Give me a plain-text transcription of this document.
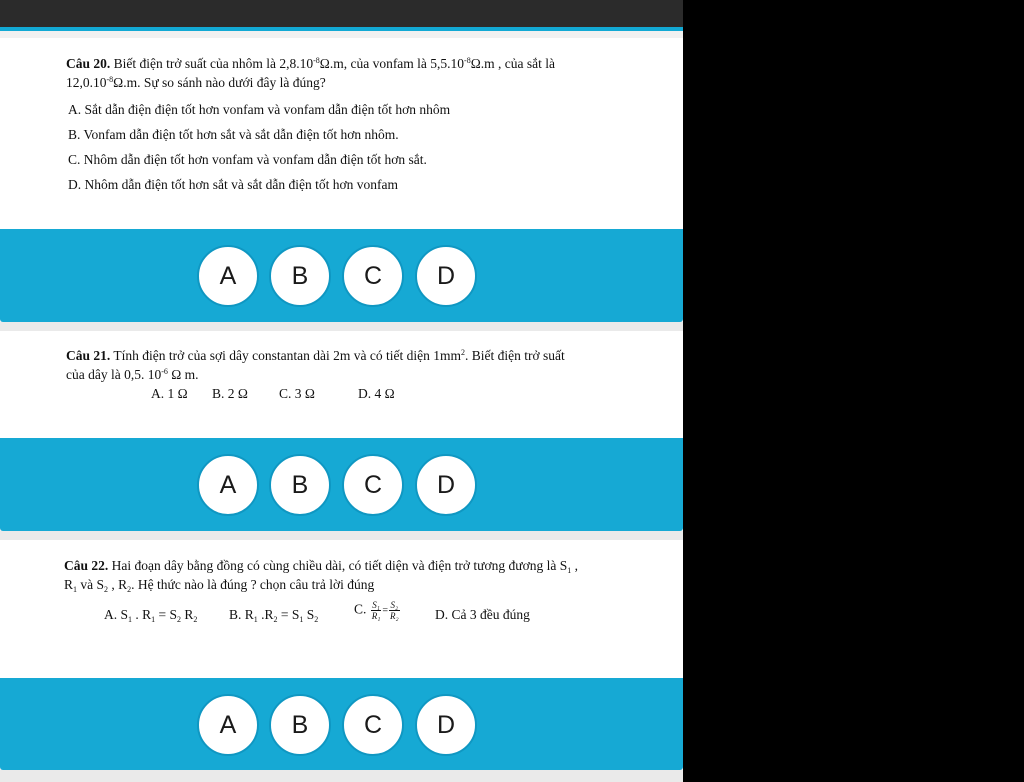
Câu 20. Biết điện trở suất của nhôm là $2,8.10^{-8}\Omega.m$, của vonfam là $5,5.10^{-8}\Omega.m$ , của sắt là
$12,0.10^{-8}\Omega.m$. Sự so sánh nào dưới đây là đúng?
A. Sắt dẫn điện điện tốt hơn vonfam và vonfam dẫn điện tốt hơn nhôm
B. Vonfam dẫn điện tốt hơn sắt và sắt dẫn điện tốt hơn nhôm.
C. Nhôm dẫn điện tốt hơn vonfam và vonfam dẫn điện tốt hơn sắt.
D. Nhôm dẫn điện tốt hơn sắt và sắt dẫn điện tốt hơn vonfam
A	B	C	D
Câu 21. Tính điện trở của sợi dây constantan dài 2m và có tiết diện $1mm^2$. Biết điện trở suất
của dây là 0,5. $10^{-6}$ Ω m.
A. 1 Ω B. 2 Ω C. 3 Ω	D. 4 Ω
A	B	C	D
Câu 22. Hai đoạn dây bằng đồng có cùng chiều dài, có tiết diện và điện trở tương đương là $S_1$ ,
$R_1$ và $S_2$ , $R_2$. Hệ thức nào là đúng ? chọn câu trả lời đúng
A. $S_1$ . $R_1 = S_2$ $R_2$ B. $R_1$ $.R_2 = S_1$ $S_2$
C. $\frac{\text{S₁}}{\text{R₁}} = \frac{\text{S₂}}{\text{R₂}}$	D. Cả 3 đều đúng
A	B	C	D
